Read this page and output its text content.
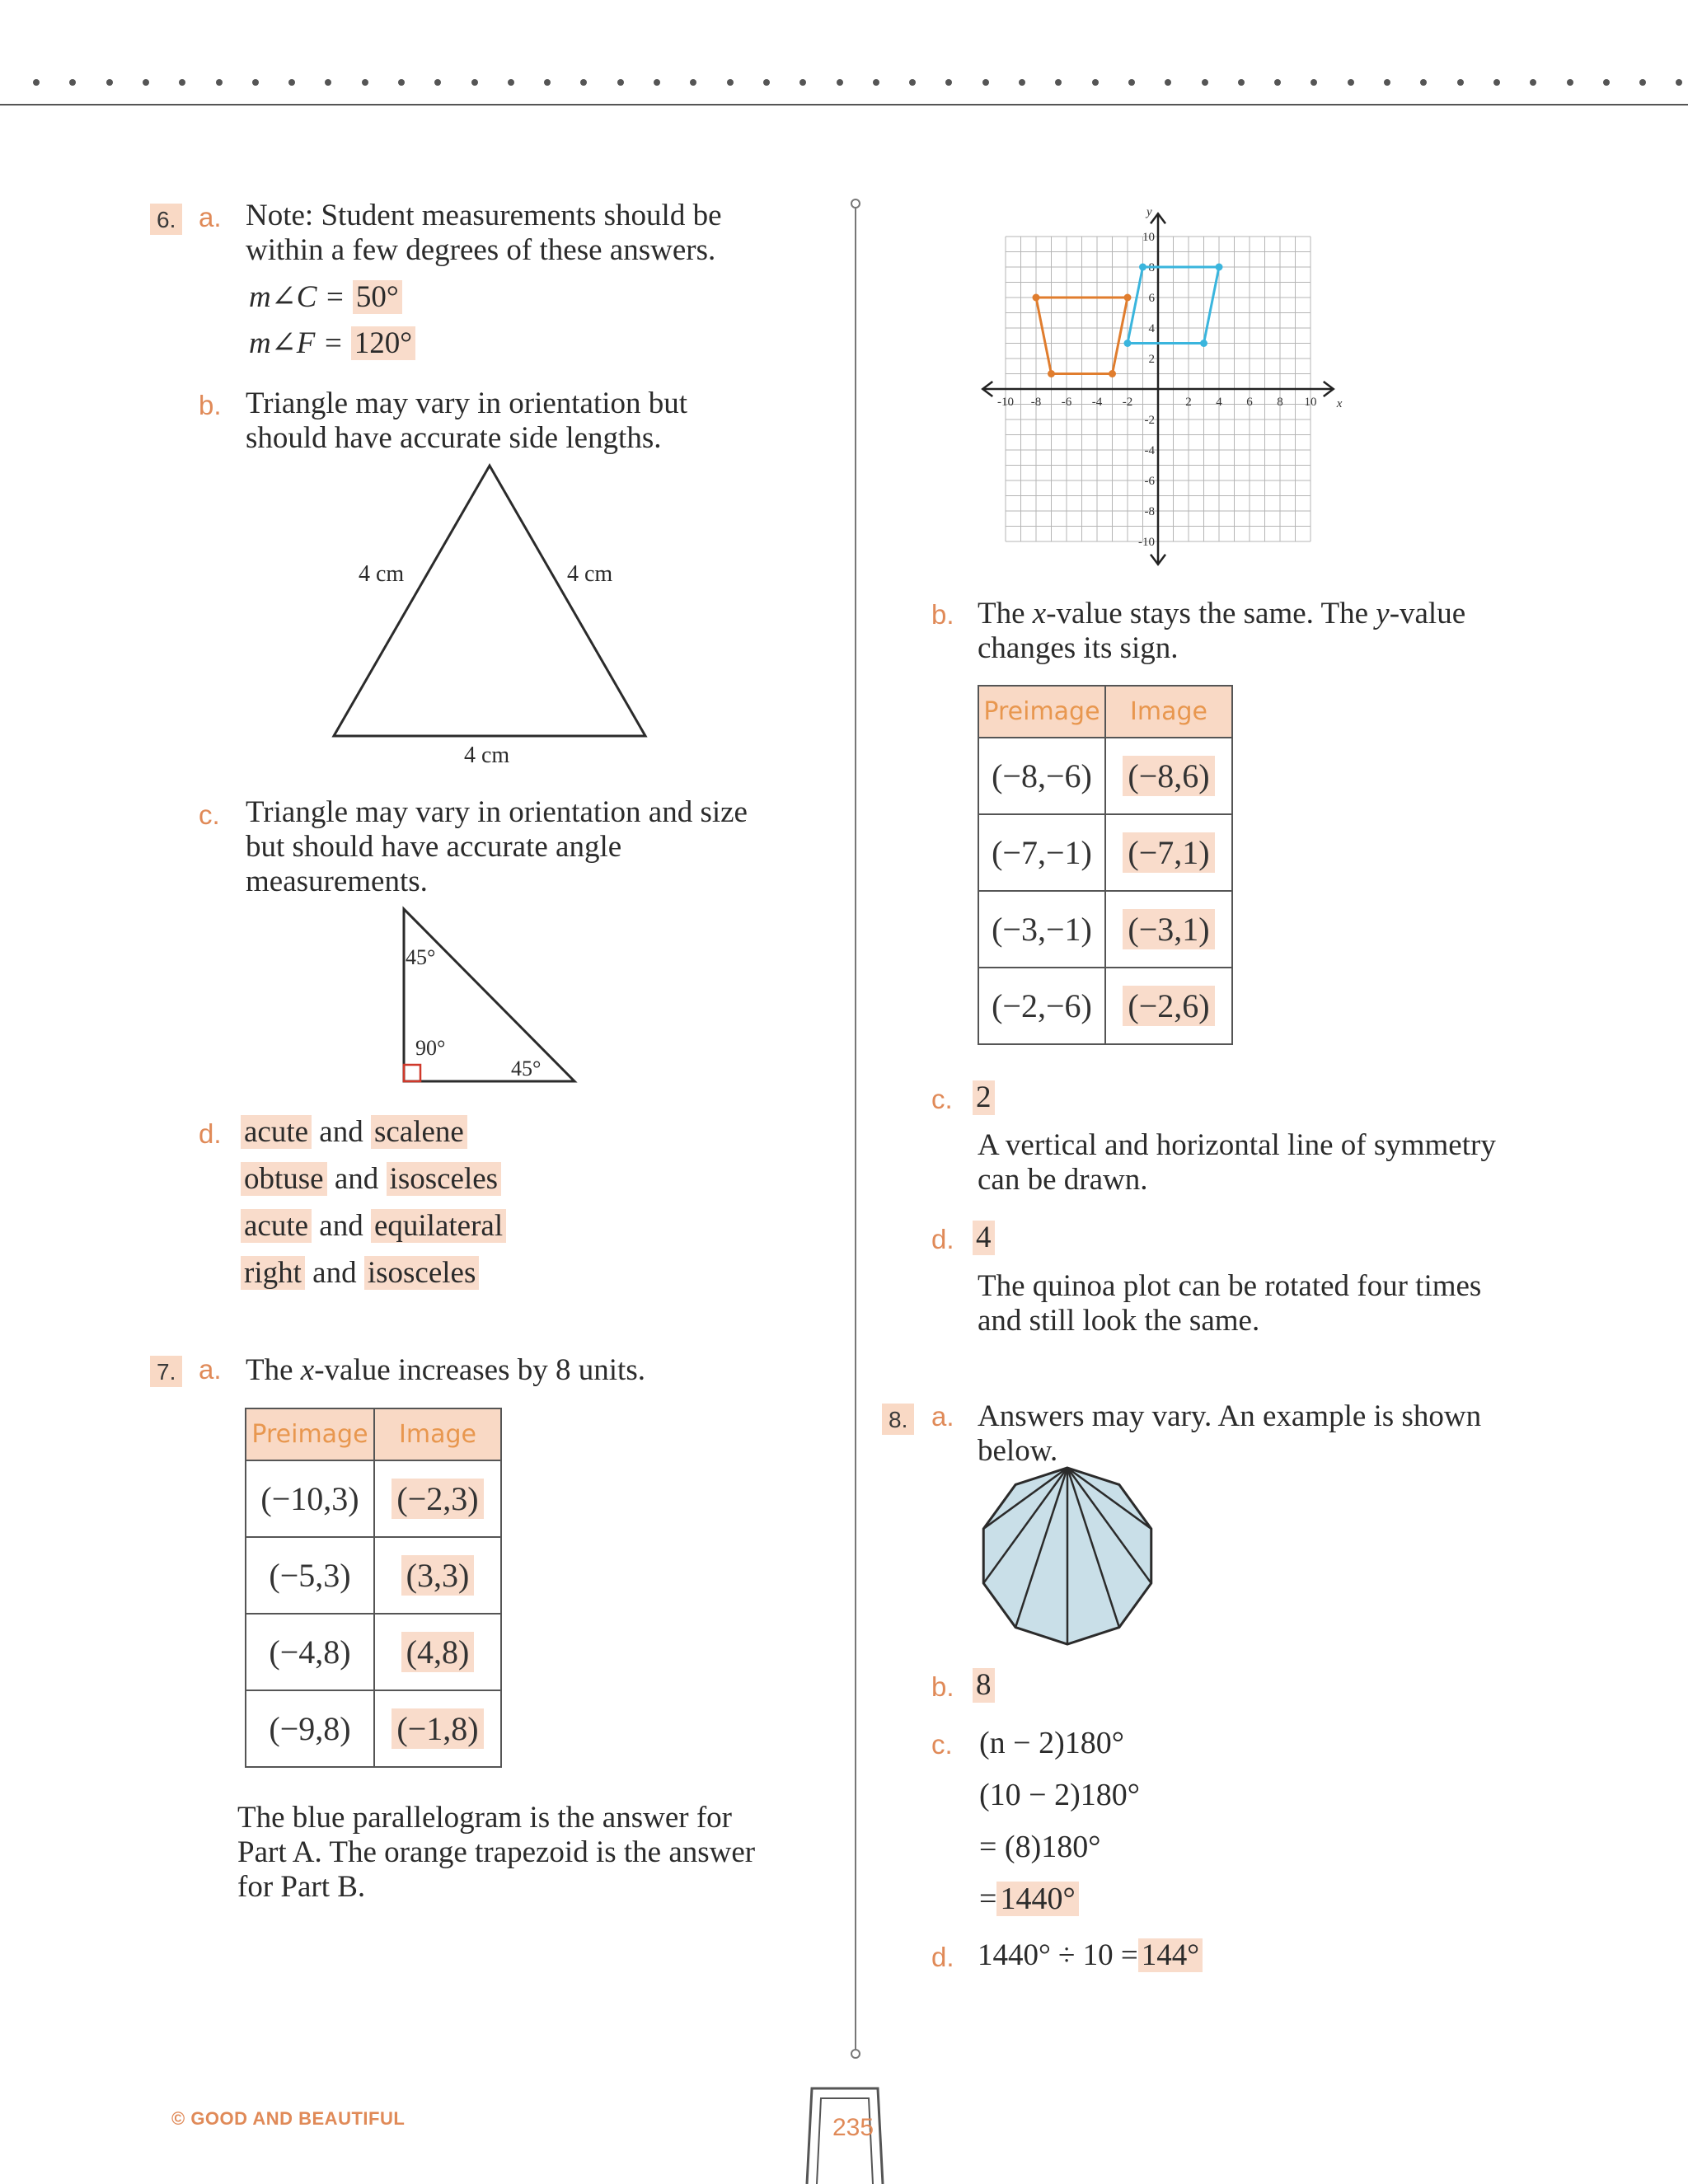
6. a. Note: Student measurements should be
within a few degrees of these answers.
m∠C = 50°
m∠F = 120°
b. Triangle may vary in orientation but
should have accurate side lengths.
4 cm	4 cm
4 cm
c. Triangle may vary in orientation and size
but should have accurate angle
measurements.
45°
90°
45°
d. acute and scalene
obtuse and isosceles
acute and equilateral
right and isosceles
7. a. The x-value increases by 8 units.
Preimage	Image
(−10,3)	(−2,3)
(−5,3)	(3,3)
(−4,8)	(4,8)
(−9,8)	(−1,8)
The blue parallelogram is the answer for
Part A. The orange trapezoid is the answer
for Part B.
-10 -8 -6 -4 -2	2 4 6 8 10
10
8
6
4
2
-2
-4
-6
-8
-10
x
y
b. The x-value stays the same. The y-value
changes its sign.
Preimage	Image
(−8,−6)	(−8,6)
(−7,−1)	(−7,1)
(−3,−1)	(−3,1)
(−2,−6)	(−2,6)
c. 2
A vertical and horizontal line of symmetry
can be drawn.
d. 4
The quinoa plot can be rotated four times
and still look the same.
8. a. Answers may vary. An example is shown
below.
b. 8
c. (n − 2)180°
(10 − 2)180°
= (8)180°
= 1440°
d. 1440° ÷ 10 = 144°
© GOOD AND BEAUTIFUL	235
